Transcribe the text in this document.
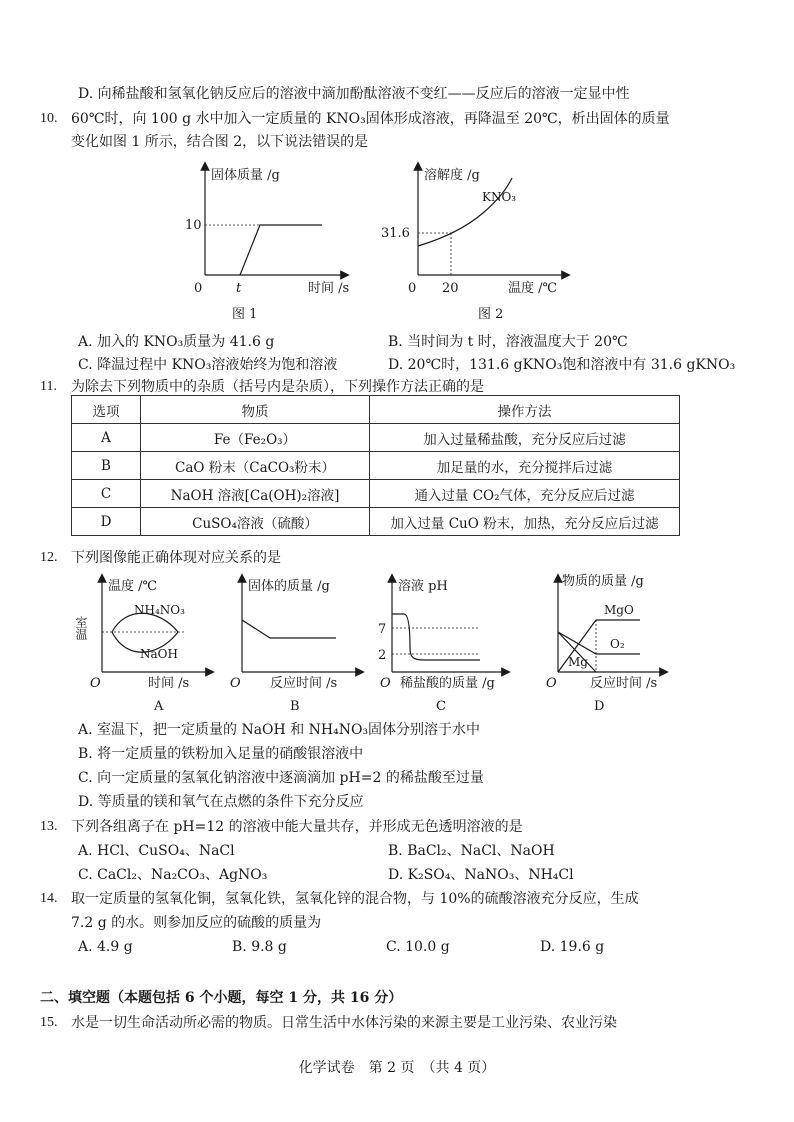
D. 向稀盐酸和氢氧化钠反应后的溶液中滴加酚酞溶液不变红——反应后的溶液一定显中性
10. 60℃时，向 100 g 水中加入一定质量的 KNO₃固体形成溶液，再降温至 20℃，析出固体的质量
变化如图 1 所示，结合图 2，以下说法错误的是
固体质量 /g
10
0	t	时间 /s
图 1
溶解度 /g
KNO₃
31.6
0 20	温度 /℃
图 2
A. 加入的 KNO₃质量为 41.6 g	B. 当时间为 t 时，溶液温度大于 20℃
C. 降温过程中 KNO₃溶液始终为饱和溶液	D. 20℃时，131.6 gKNO₃饱和溶液中有 31.6 gKNO₃
11. 为除去下列物质中的杂质（括号内是杂质），下列操作方法正确的是
选项	物质	操作方法
A	Fe（Fe₂O₃）	加入过量稀盐酸，充分反应后过滤
B	CaO 粉末（CaCO₃粉末）	加足量的水，充分搅拌后过滤
C	NaOH 溶液[Ca(OH)₂溶液]	通入过量 CO₂气体，充分反应后过滤
D	CuSO₄溶液（硫酸）	加入过量 CuO 粉末，加热，充分反应后过滤
12. 下列图像能正确体现对应关系的是
温度 /℃
室温
NH₄NO₃
NaOH
O	时间 /s
A
固体的质量 /g
O 反应时间 /s
B
溶液 pH
7
2
O 稀盐酸的质量 /g
C
物质的质量 /g
MgO
O₂
Mg
O	反应时间 /s
D
A. 室温下，把一定质量的 NaOH 和 NH₄NO₃固体分别溶于水中
B. 将一定质量的铁粉加入足量的硝酸银溶液中
C. 向一定质量的氢氧化钠溶液中逐滴滴加 pH=2 的稀盐酸至过量
D. 等质量的镁和氧气在点燃的条件下充分反应
13. 下列各组离子在 pH=12 的溶液中能大量共存，并形成无色透明溶液的是
A. HCl、CuSO₄、NaCl	B. BaCl₂、NaCl、NaOH
C. CaCl₂、Na₂CO₃、AgNO₃	D. K₂SO₄、NaNO₃、NH₄Cl
14. 取一定质量的氢氧化铜，氢氧化铁，氢氧化锌的混合物，与 10%的硫酸溶液充分反应，生成
7.2 g 的水。则参加反应的硫酸的质量为
A. 4.9 g	B. 9.8 g	C. 10.0 g	D. 19.6 g
二、填空题（本题包括 6 个小题，每空 1 分，共 16 分）
15. 水是一切生命活动所必需的物质。日常生活中水体污染的来源主要是工业污染、农业污染
化学试卷　第 2 页　（共 4 页）
